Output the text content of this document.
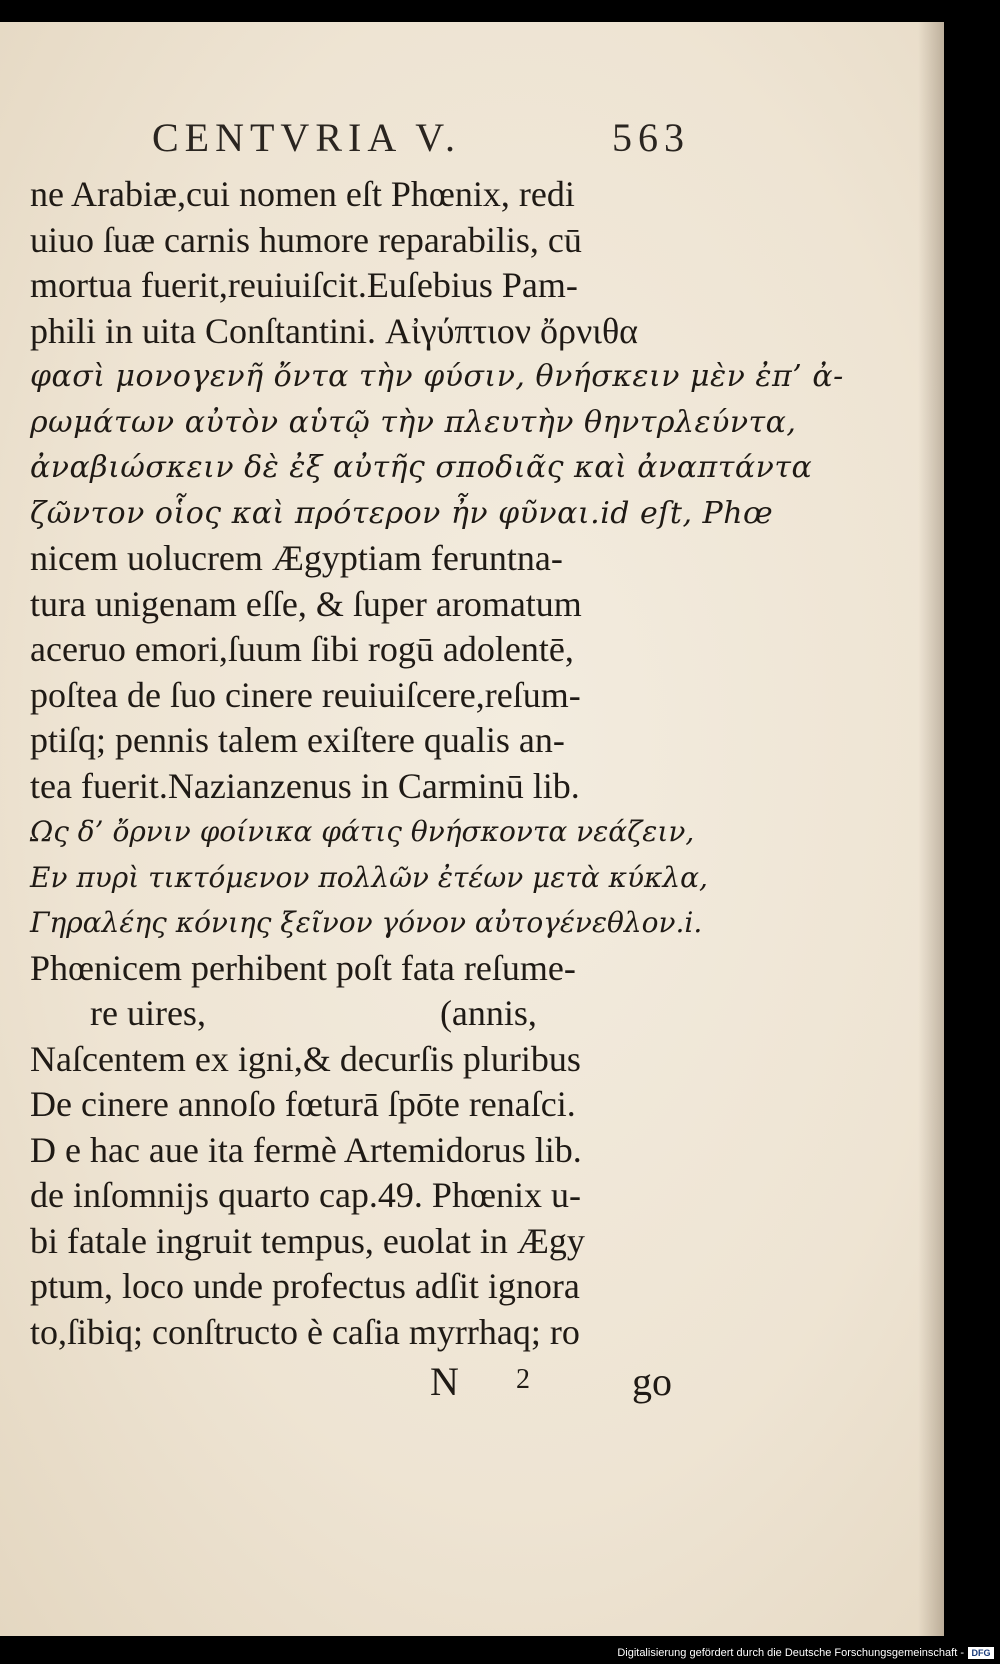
CENTVRIA V.	563
ne Arabiæ,cui nomen eſt Phœnix, redi
uiuo ſuæ carnis humore reparabilis, cū
mortua fuerit,reuiuiſcit.Euſebius Pam-
phili in uita Conſtantini. Αἰγύπτιον ὄρνιθα
φασὶ μονογενῆ ὄντα τὴν φύσιν, θνήσκειν μὲν ἐπ’ ἀ-
ρωμάτων αὐτὸν αὑτῷ τὴν πλευτὴν θηντρλεύντα,
ἀναβιώσκειν δὲ ἐξ αὐτῆς σποδιᾶς καὶ ἀναπτάντα
ζῶντον οἷος καὶ πρότερον ἦν φῦναι.id eſt, Phœ
nicem uolucrem Ægyptiam feruntna-
tura unigenam eſſe, & ſuper aromatum
aceruo emori,ſuum ſibi rogū adolentē,
poſtea de ſuo cinere reuiuiſcere,reſum-
ptiſq; pennis talem exiſtere qualis an-
tea fuerit.Nazianzenus in Carminū lib.
Ως δ’ ὄρνιν φοίνικα φάτις θνήσκοντα νεάζειν,
Εν πυρὶ τικτόμενον πολλῶν ἐτέων μετὰ κύκλα,
Γηραλέης κόνιης ξεῖνον γόνον αὐτογένεθλον.i.
Phœnicem perhibent poſt fata reſume-
re uires,                          (annis,
Naſcentem ex igni,& decurſis pluribus
De cinere annoſo fœturā ſpōte renaſci.
D e hac aue ita fermè Artemidorus lib.
de inſomnijs quarto cap.49. Phœnix u-
bi fatale ingruit tempus, euolat in Ægy
ptum, loco unde profectus adſit ignora
to,ſibiq; conſtructo è caſia myrrhaq; ro
N 2	go
Digitalisierung gefördert durch die Deutsche Forschungsgemeinschaft - DFG
